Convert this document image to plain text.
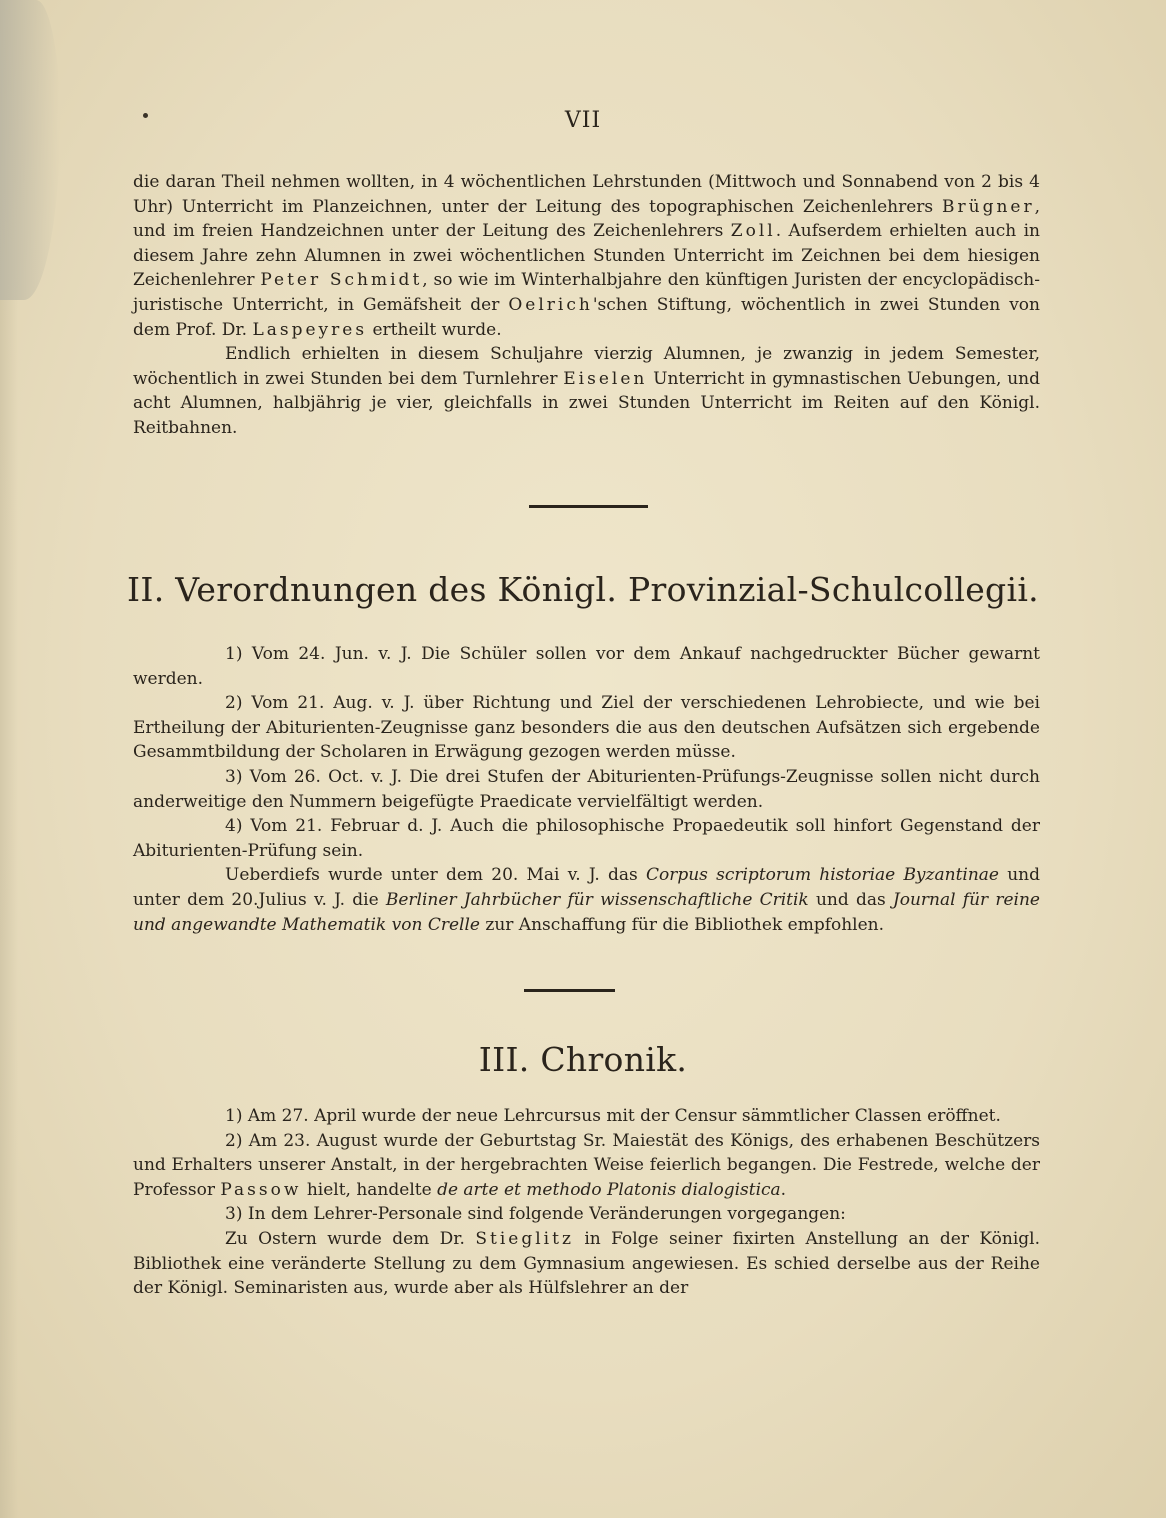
VII

die daran Theil nehmen wollten, in 4 wöchentlichen Lehrstunden (Mittwoch und Sonnabend von 2 bis 4 Uhr) Unterricht im Planzeichnen, unter der Leitung des topographischen Zeichenlehrers Brügner, und im freien Handzeichnen unter der Leitung des Zeichenlehrers Zoll. Aufserdem erhielten auch in diesem Jahre zehn Alumnen in zwei wöchentlichen Stunden Unterricht im Zeichnen bei dem hiesigen Zeichenlehrer Peter Schmidt, so wie im Winterhalbjahre den künftigen Juristen der encyclopädisch-juristische Unterricht, in Gemäfsheit der Oelrich'schen Stiftung, wöchentlich in zwei Stunden von dem Prof. Dr. Laspeyres ertheilt wurde.

Endlich erhielten in diesem Schuljahre vierzig Alumnen, je zwanzig in jedem Semester, wöchentlich in zwei Stunden bei dem Turnlehrer Eiselen Unterricht in gymnastischen Uebungen, und acht Alumnen, halbjährig je vier, gleichfalls in zwei Stunden Unterricht im Reiten auf den Königl. Reitbahnen.

II. Verordnungen des Königl. Provinzial-Schulcollegii.

1) Vom 24. Jun. v. J. Die Schüler sollen vor dem Ankauf nachgedruckter Bücher gewarnt werden.

2) Vom 21. Aug. v. J. über Richtung und Ziel der verschiedenen Lehrobiecte, und wie bei Ertheilung der Abiturienten-Zeugnisse ganz besonders die aus den deutschen Aufsätzen sich ergebende Gesammtbildung der Scholaren in Erwägung gezogen werden müsse.

3) Vom 26. Oct. v. J. Die drei Stufen der Abiturienten-Prüfungs-Zeugnisse sollen nicht durch anderweitige den Nummern beigefügte Praedicate vervielfältigt werden.

4) Vom 21. Februar d. J. Auch die philosophische Propaedeutik soll hinfort Gegenstand der Abiturienten-Prüfung sein.

Ueberdiefs wurde unter dem 20. Mai v. J. das Corpus scriptorum historiae Byzantinae und unter dem 20.Julius v. J. die Berliner Jahrbücher für wissenschaftliche Critik und das Journal für reine und angewandte Mathematik von Crelle zur Anschaffung für die Bibliothek empfohlen.

III. Chronik.

1) Am 27. April wurde der neue Lehrcursus mit der Censur sämmtlicher Classen eröffnet.

2) Am 23. August wurde der Geburtstag Sr. Maiestät des Königs, des erhabenen Beschützers und Erhalters unserer Anstalt, in der hergebrachten Weise feierlich begangen. Die Festrede, welche der Professor Passow hielt, handelte de arte et methodo Platonis dialogistica.

3) In dem Lehrer-Personale sind folgende Veränderungen vorgegangen:

Zu Ostern wurde dem Dr. Stieglitz in Folge seiner fixirten Anstellung an der Königl. Bibliothek eine veränderte Stellung zu dem Gymnasium angewiesen. Es schied derselbe aus der Reihe der Königl. Seminaristen aus, wurde aber als Hülfslehrer an der
